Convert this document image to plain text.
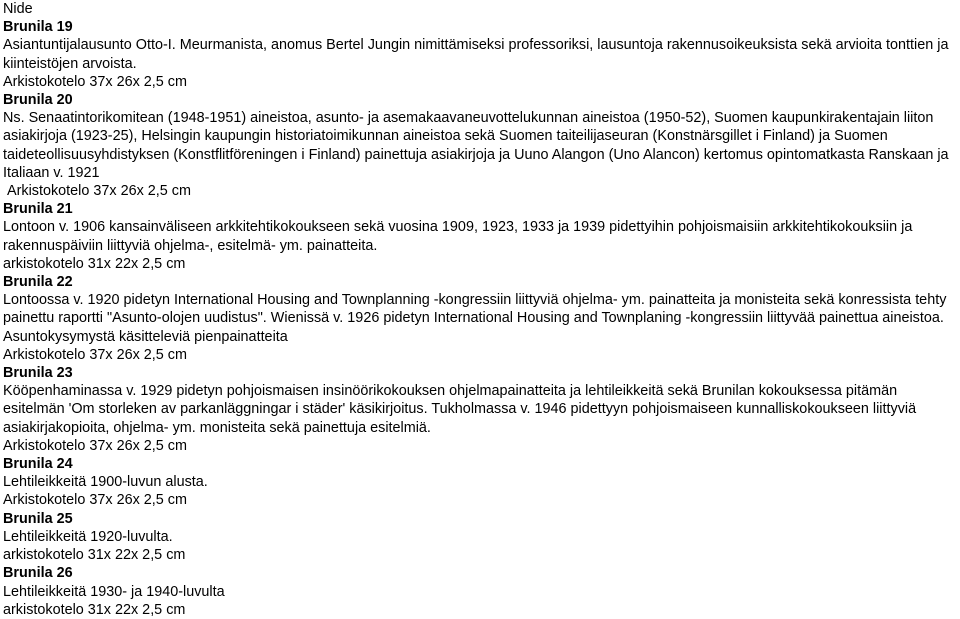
Nide
Brunila 19
Asiantuntijalausunto Otto-I. Meurmanista, anomus Bertel Jungin nimittämiseksi professoriksi, lausuntoja rakennusoikeuksista sekä arvioita tonttien ja kiinteistöjen arvoista.
Arkistokotelo 37x 26x 2,5 cm
Brunila 20
Ns. Senaatintorikomitean (1948-1951) aineistoa, asunto- ja asemakaavaneuvottelukunnan aineistoa (1950-52), Suomen kaupunkirakentajain liiton asiakirjoja (1923-25), Helsingin kaupungin historiatoimikunnan aineistoa sekä Suomen taiteilijaseuran (Konstnärsgillet i Finland) ja Suomen taideteollisuusyhdistyksen (Konstflitföreningen i Finland) painettuja asiakirjoja ja Uuno Alangon (Uno Alancon) kertomus opintomatkasta Ranskaan ja Italiaan v. 1921
Arkistokotelo 37x 26x 2,5 cm
Brunila 21
Lontoon v. 1906 kansainväliseen arkkitehtikokoukseen sekä vuosina 1909, 1923, 1933 ja 1939 pidettyihin pohjoismaisiin arkkitehtikokouksiin ja rakennuspäiviin liittyviä ohjelma-, esitelmä- ym. painatteita.
arkistokotelo 31x 22x 2,5 cm
Brunila 22
Lontoossa v. 1920 pidetyn International Housing and Townplanning -kongressiin liittyviä ohjelma- ym. painatteita ja monisteita sekä konressista tehty painettu raportti "Asunto-olojen uudistus". Wienissä v. 1926 pidetyn International Housing and Townplaning -kongressiin liittyvää painettua aineistoa.
Asuntokysymystä käsitteleviä pienpainatteita
Arkistokotelo 37x 26x 2,5 cm
Brunila 23
Kööpenhaminassa v. 1929 pidetyn pohjoismaisen insinöörikokouksen ohjelmapainatteita ja lehtileikkeitä sekä Brunilan kokouksessa pitämän esitelmän 'Om storleken av parkanläggningar i städer' käsikirjoitus. Tukholmassa v. 1946 pidettyyn pohjoismaiseen kunnalliskokoukseen liittyviä asiakirjakopioita, ohjelma- ym. monisteita sekä painettuja esitelmiä.
Arkistokotelo 37x 26x 2,5 cm
Brunila 24
Lehtileikkeitä 1900-luvun alusta.
Arkistokotelo 37x 26x 2,5 cm
Brunila 25
Lehtileikkeitä 1920-luvulta.
arkistokotelo 31x 22x 2,5 cm
Brunila 26
Lehtileikkeitä 1930- ja 1940-luvulta
arkistokotelo 31x 22x 2,5 cm
